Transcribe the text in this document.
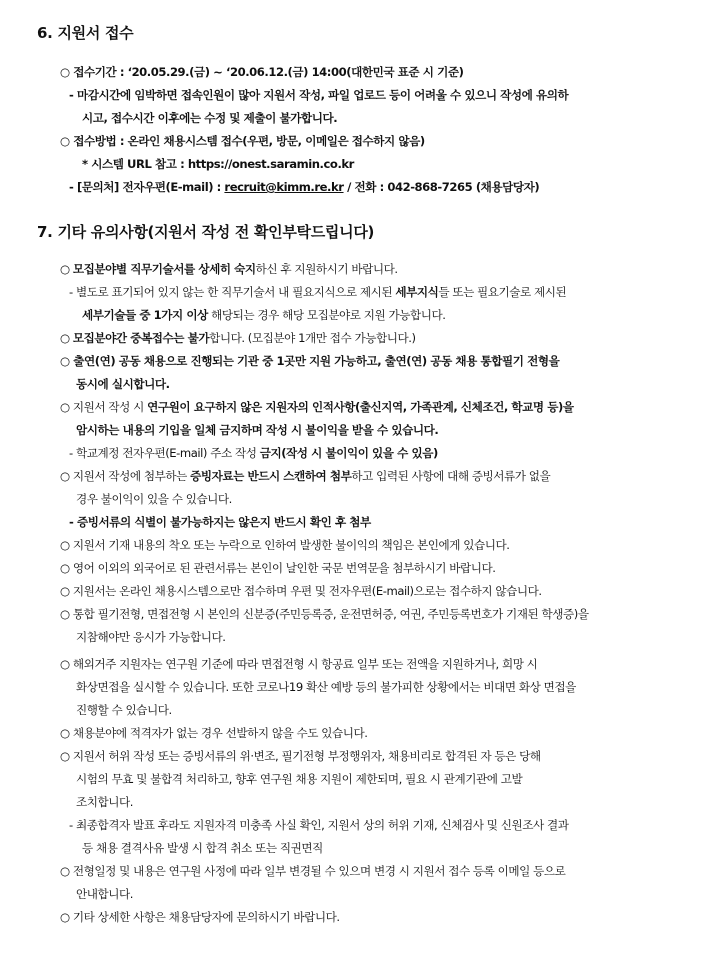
6. 지원서 접수
○ 접수기간 : ‘20.05.29.(금) ~ ‘20.06.12.(금) 14:00(대한민국 표준 시 기준)
- 마감시간에 임박하면 접속인원이 많아 지원서 작성, 파일 업로드 등이 어려울 수 있으니 작성에 유의하
시고, 접수시간 이후에는 수정 및 제출이 불가합니다.
○ 접수방법 : 온라인 채용시스템 접수(우편, 방문, 이메일은 접수하지 않음)
* 시스템 URL 참고 : https://onest.saramin.co.kr
- [문의처] 전자우편(E-mail) : recruit@kimm.re.kr / 전화 : 042-868-7265 (채용담당자)
7. 기타 유의사항(지원서 작성 전 확인부탁드립니다)
○ 모집분야별 직무기술서를 상세히 숙지하신 후 지원하시기 바랍니다.
- 별도로 표기되어 있지 않는 한 직무기술서 내 필요지식으로 제시된 세부지식들 또는 필요기술로 제시된
세부기술들 중 1가지 이상 해당되는 경우 해당 모집분야로 지원 가능합니다.
○ 모집분야간 중복접수는 불가합니다. (모집분야 1개만 접수 가능합니다.)
○ 출연(연) 공동 채용으로 진행되는 기관 중 1곳만 지원 가능하고, 출연(연) 공동 채용 통합필기 전형을
동시에 실시합니다.
○ 지원서 작성 시 연구원이 요구하지 않은 지원자의 인적사항(출신지역, 가족관계, 신체조건, 학교명 등)을
암시하는 내용의 기입을 일체 금지하며 작성 시 불이익을 받을 수 있습니다.
- 학교계정 전자우편(E-mail) 주소 작성 금지(작성 시 불이익이 있을 수 있음)
○ 지원서 작성에 첨부하는 증빙자료는 반드시 스캔하여 첨부하고 입력된 사항에 대해 증빙서류가 없을
경우 불이익이 있을 수 있습니다.
- 증빙서류의 식별이 불가능하지는 않은지 반드시 확인 후 첨부
○ 지원서 기재 내용의 착오 또는 누락으로 인하여 발생한 불이익의 책임은 본인에게 있습니다.
○ 영어 이외의 외국어로 된 관련서류는 본인이 날인한 국문 번역문을 첨부하시기 바랍니다.
○ 지원서는 온라인 채용시스템으로만 접수하며 우편 및 전자우편(E-mail)으로는 접수하지 않습니다.
○ 통합 필기전형, 면접전형 시 본인의 신분증(주민등록증, 운전면허증, 여권, 주민등록번호가 기재된 학생증)을
지참해야만 응시가 가능합니다.
○ 해외거주 지원자는 연구원 기준에 따라 면접전형 시 항공료 일부 또는 전액을 지원하거나, 희망 시
화상면접을 실시할 수 있습니다. 또한 코로나19 확산 예방 등의 불가피한 상황에서는 비대면 화상 면접을
진행할 수 있습니다.
○ 채용분야에 적격자가 없는 경우 선발하지 않을 수도 있습니다.
○ 지원서 허위 작성 또는 증빙서류의 위·변조, 필기전형 부정행위자, 채용비리로 합격된 자 등은 당해
시험의 무효 및 불합격 처리하고, 향후 연구원 채용 지원이 제한되며, 필요 시 관계기관에 고발
조치합니다.
- 최종합격자 발표 후라도 지원자격 미충족 사실 확인, 지원서 상의 허위 기재, 신체검사 및 신원조사 결과
등 채용 결격사유 발생 시 합격 취소 또는 직권면직
○ 전형일정 및 내용은 연구원 사정에 따라 일부 변경될 수 있으며 변경 시 지원서 접수 등록 이메일 등으로
안내합니다.
○ 기타 상세한 사항은 채용담당자에 문의하시기 바랍니다.
